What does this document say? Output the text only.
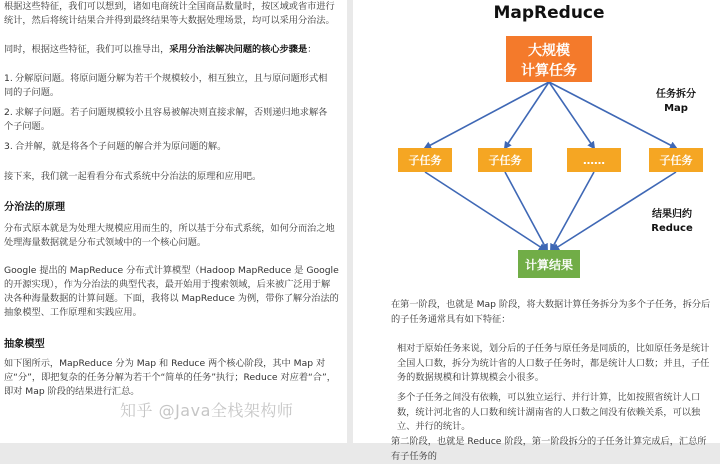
根据这些特征，我们可以想到，诸如电商统计全国商品数量时，按区域或省市进行统计，然后将统计结果合并得到最终结果等大数据处理场景，均可以采用分治法。
同时，根据这些特征，我们可以推导出，采用分治法解决问题的核心步骤是：
1. 分解原问题。将原问题分解为若干个规模较小，相互独立，且与原问题形式相同的子问题。
2. 求解子问题。若子问题规模较小且容易被解决则直接求解，否则递归地求解各个子问题。
3. 合并解，就是将各个子问题的解合并为原问题的解。
接下来，我们就一起看看分布式系统中分治法的原理和应用吧。
分治法的原理
分布式原本就是为处理大规模应用而生的，所以基于分布式系统，如何分而治之地处理海量数据就是分布式领域中的一个核心问题。
Google 提出的 MapReduce 分布式计算模型（Hadoop MapReduce 是 Google 的开源实现），作为分治法的典型代表，最开始用于搜索领域，后来被广泛用于解决各种海量数据的计算问题。下面，我将以 MapReduce 为例，带你了解分治法的抽象模型、工作原理和实践应用。
抽象模型
如下图所示，MapReduce 分为 Map 和 Reduce 两个核心阶段，其中 Map 对应“分”，即把复杂的任务分解为若干个“简单的任务”执行；Reduce 对应着“合”，即对 Map 阶段的结果进行汇总。
MapReduce
大规模
计算任务
子任务	子任务	……	子任务
任务拆分
Map
结果归约
Reduce
计算结果
在第一阶段，也就是 Map 阶段，将大数据计算任务拆分为多个子任务，拆分后的子任务通常具有如下特征：
相对于原始任务来说，划分后的子任务与原任务是同质的，比如原任务是统计全国人口数，拆分为统计省的人口数子任务时，都是统计人口数；并且，子任务的数据规模和计算规模会小很多。
多个子任务之间没有依赖，可以独立运行、并行计算，比如按照省统计人口数，统计河北省的人口数和统计湖南省的人口数之间没有依赖关系，可以独立、并行的统计。
第二阶段，也就是 Reduce 阶段，第一阶段拆分的子任务计算完成后，汇总所有子任务的
知乎 @Java全栈架构师
